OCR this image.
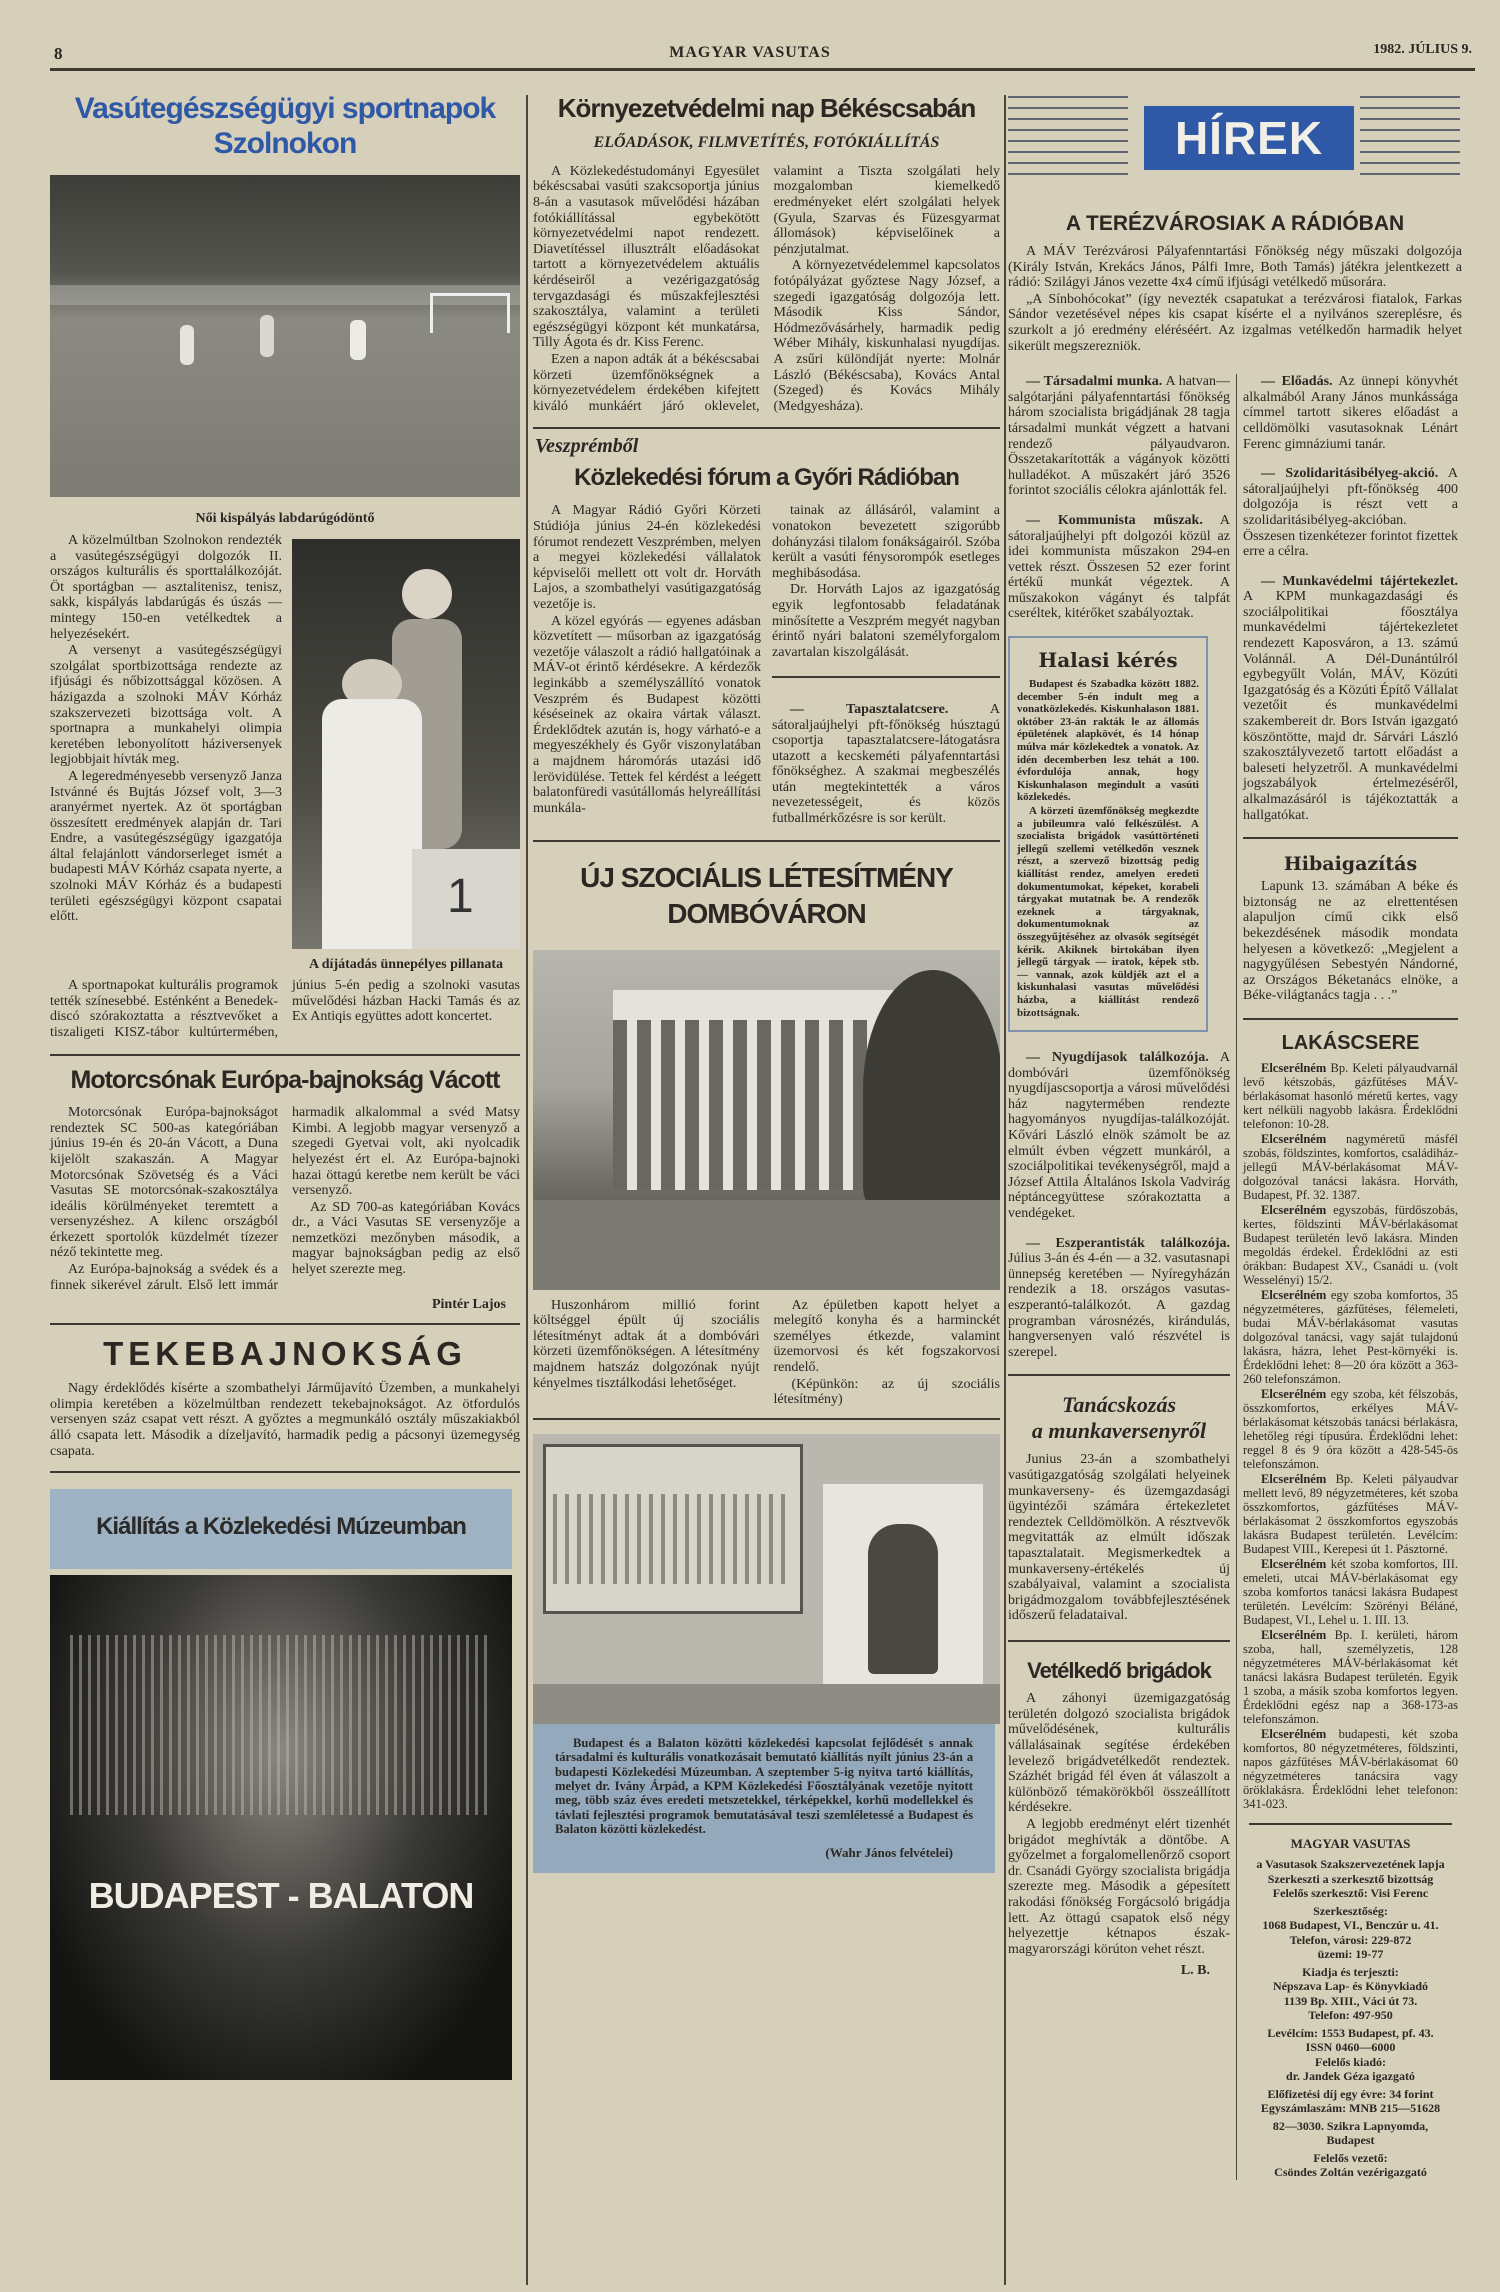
8	MAGYAR VASUTAS	1982. JÚLIUS 9.
Vasútegészségügyi sportnapok
Szolnokon
Női kispályás labdarúgódöntő

A közelmúltban Szolnokon rendezték a vasútegészségügyi dolgozók II. országos kulturális és sporttalálkozóját. Öt sportágban — asztalitenisz, tenisz, sakk, kispályás labdarúgás és úszás — mintegy 150-en vetélkedtek a helyezésekért.

A versenyt a vasútegészségügyi szolgálat sportbizottsága rendezte az ifjúsági és nőbizottsággal közösen. A házigazda a szolnoki MÁV Kórház szakszervezeti bizottsága volt. A sportnapra a munkahelyi olimpia keretében lebonyolított háziversenyek legjobbjait hívták meg.

A legeredményesebb versenyző Janza Istvánné és Bujtás József volt, 3—3 aranyérmet nyertek. Az öt sportágban összesített eredmények alapján dr. Tari Endre, a vasútegészségügy igazgatója által felajánlott vándorserleget ismét a budapesti MÁV Kórház csapata nyerte, a szolnoki MÁV Kórház és a budapesti területi egészségügyi központ csapatai előtt.	1
A díjátadás ünnepélyes pillanata

A sportnapokat kulturális programok tették színesebbé. Esténként a Benedek-discó szórakoztatta a résztvevőket a tiszaligeti KISZ-tábor kultúrtermében, június 5-én pedig a szolnoki vasutas művelődési házban Hacki Tamás és az Ex Antiqis együttes adott koncertet.

Motorcsónak Európa-bajnokság Vácott

Motorcsónak Európa-bajnokságot rendeztek SC 500-as kategóriában június 19-én és 20-án Vácott, a Duna kijelölt szakaszán. A Magyar Motorcsónak Szövetség és a Váci Vasutas SE motorcsónak-szakosztálya ideális körülményeket teremtett a versenyzéshez. A kilenc országból érkezett sportolók küzdelmét tízezer néző tekintette meg.

Az Európa-bajnokság a svédek és a finnek sikerével zárult. Első lett immár harmadik alkalommal a svéd Matsy Kimbi. A legjobb magyar versenyző a szegedi Gyetvai volt, aki nyolcadik helyezést ért el. Az Európa-bajnoki hazai öttagú keretbe nem került be váci versenyző.

Az SD 700-as kategóriában Kovács dr., a Váci Vasutas SE versenyzője a nemzetközi mezőnyben második, a magyar bajnokságban pedig az első helyet szerezte meg.

Pintér Lajos
TEKEBAJNOKSÁG

Nagy érdeklődés kísérte a szombathelyi Járműjavító Üzemben, a munkahelyi olimpia keretében a közelmúltban rendezett tekebajnokságot. Az ötfordulós versenyen száz csapat vett részt. A győztes a megmunkáló osztály műszakiakból álló csapata lett. Második a dízeljavító, harmadik pedig a pácsonyi üzemegység csapata.

Kiállítás a Közlekedési Múzeumban
BUDAPEST - BALATON
Környezetvédelmi nap Békéscsabán
ELŐADÁSOK, FILMVETÍTÉS, FOTÓKIÁLLÍTÁS

A Közlekedéstudományi Egyesület békéscsabai vasúti szakcsoportja június 8-án a vasutasok művelődési házában fotókiállítással egybekötött környezetvédelmi napot rendezett. Diavetítéssel illusztrált előadásokat tartott a környezetvédelem aktuális kérdéseiről a vezérigazgatóság tervgazdasági és műszakfejlesztési szakosztálya, valamint a területi egészségügyi központ két munkatársa, Tilly Ágota és dr. Kiss Ferenc.

Ezen a napon adták át a békéscsabai körzeti üzemfőnökségnek a környezetvédelem érdekében kifejtett kiváló munkáért járó oklevelet, valamint a Tiszta szolgálati hely mozgalomban kiemelkedő eredményeket elért szolgálati helyek (Gyula, Szarvas és Füzesgyarmat állomások) képviselőinek a pénzjutalmat.

A környezetvédelemmel kapcsolatos fotópályázat győztese Nagy József, a szegedi igazgatóság dolgozója lett. Második Kiss Sándor, Hódmezővásárhely, harmadik pedig Wéber Mihály, kiskunhalasi nyugdíjas. A zsűri különdíját nyerte: Molnár László (Békéscsaba), Kovács Antal (Szeged) és Kovács Mihály (Medgyesháza).

Veszprémből
Közlekedési fórum a Győri Rádióban

A Magyar Rádió Győri Körzeti Stúdiója június 24-én közlekedési fórumot rendezett Veszprémben, melyen a megyei közlekedési vállalatok képviselői mellett ott volt dr. Horváth Lajos, a szombathelyi vasútigazgatóság vezetője is.

A közel egyórás — egyenes adásban közvetített — műsorban az igazgatóság vezetője válaszolt a rádió hallgatóinak a MÁV-ot érintő kérdésekre. A kérdezők leginkább a személyszállító vonatok Veszprém és Budapest közötti késéseinek az okaira vártak választ. Érdeklődtek azután is, hogy várható-e a megyeszékhely és Győr viszonylatában a majdnem háromórás utazási idő lerövidülése. Tettek fel kérdést a leégett balatonfüredi vasútállomás helyreállítási munkála-

tainak az állásáról, valamint a vonatokon bevezetett szigorúbb dohányzási tilalom fonákságairól. Szóba került a vasúti fénysorompók esetleges meghibásodása.

Dr. Horváth Lajos az igazgatóság egyik legfontosabb feladatának minősítette a Veszprém megyét nagyban érintő nyári balatoni személyforgalom zavartalan kiszolgálását.

— Tapasztalatcsere.	A sátoraljaújhelyi pft-főnökség húsztagú csoportja tapasztalatcsere-látogatásra utazott a kecskeméti pályafenntartási főnökséghez. A szakmai megbeszélés után megtekintették a város nevezetességeit, és közös futballmérkőzésre is sor került.

ÚJ SZOCIÁLIS LÉTESÍTMÉNY
DOMBÓVÁRON

Huszonhárom millió forint költséggel épült új szociális létesítményt adtak át a dombóvári körzeti üzemfőnökségen. A létesítmény majdnem hatszáz dolgozónak nyújt kényelmes tisztálkodási lehetőséget.

Az épületben kapott helyet a melegítő konyha és a harminckét személyes étkezde, valamint üzemorvosi és két fogszakorvosi rendelő.

(Képünkön: az új szociális létesítmény)

Budapest és a Balaton közötti közlekedési kapcsolat fejlődését s annak társadalmi és kulturális vonatkozásait bemutató kiállítás nyílt június 23-án a budapesti Közlekedési Múzeumban. A szeptember 5-ig nyitva tartó kiállítás, melyet dr. Ivány Árpád, a KPM Közlekedési Főosztályának vezetője nyitott meg, több száz éves eredeti metszetekkel, térképekkel, korhű modellekkel és távlati fejlesztési programok bemutatásával teszi szemléletessé a Budapest és Balaton közötti közlekedést.

(Wahr János felvételei)
HÍREK
A TERÉZVÁROSIAK A RÁDIÓBAN

A MÁV Terézvárosi Pályafenntartási Főnökség négy műszaki dolgozója (Király István, Krekács János, Pálfi Imre, Both Tamás) játékra jelentkezett a rádió: Szilágyi János vezette 4x4 című ifjúsági vetélkedő műsorára.

„A Sínbohócokat” (így nevezték csapatukat a terézvárosi fiatalok, Farkas Sándor vezetésével népes kis csapat kísérte el a nyilvános szereplésre, és szurkolt a jó eredmény eléréséért. Az izgalmas vetélkedőn harmadik helyet sikerült megszerezniök.

— Társadalmi munka. A hatvan—salgótarjáni pályafenntartási főnökség három szocialista brigádjának 28 tagja társadalmi munkát végzett a hatvani rendező pályaudvaron. Összetakarították a vágányok közötti hulladékot. A műszakért járó 3526 forintot szociális célokra ajánlották fel.

— Kommunista műszak. A sátoraljaújhelyi pft dolgozói közül az idei kommunista műszakon 294-en vettek részt. Összesen 52 ezer forint értékű munkát végeztek. A műszakokon vágányt és talpfát cseréltek, kitérőket szabályoztak.

Halasi kérés

Budapest és Szabadka között 1882. december 5-én indult meg a vonatközlekedés. Kiskunhalason 1881. október 23-án rakták le az állomás épületének alapkövét, és 14 hónap múlva már közlekedtek a vonatok. Az idén decemberben lesz tehát a 100. évfordulója annak, hogy Kiskunhalason megindult a vasúti közlekedés.

A körzeti üzemfőnökség megkezdte a jubileumra való felkészülést. A szocialista brigádok vasúttörténeti jellegű szellemi vetélkedőn vesznek részt, a szervező bizottság pedig kiállítást rendez, amelyen eredeti dokumentumokat, képeket, korabeli tárgyakat mutatnak be. A rendezők ezeknek a tárgyaknak, dokumentumoknak az összegyűjtéséhez az olvasók segítségét kérik. Akiknek birtokában ilyen jellegű tárgyak — iratok, képek stb. — vannak, azok küldjék azt el a kiskunhalasi vasutas művelődési házba, a kiállítást rendező bizottságnak.

— Nyugdíjasok találkozója. A dombóvári üzemfőnökség nyugdíjascsoportja a városi művelődési ház nagytermében rendezte hagyományos nyugdíjas-találkozóját. Kővári László elnök számolt be az elmúlt évben végzett munkáról, a szociálpolitikai tevékenységről, majd a József Attila Általános Iskola Vadvirág néptáncegyüttese szórakoztatta a vendégeket.

— Eszperantisták találkozója. Július 3-án és 4-én — a 32. vasutasnapi ünnepség keretében — Nyíregyházán rendezik a 18. országos vasutas-eszperantó-találkozót. A gazdag programban városnézés, kirándulás, hangversenyen való részvétel is szerepel.

Tanácskozás
a munkaversenyről

Junius 23-án a szombathelyi vasútigazgatóság szolgálati helyeinek munkaverseny- és üzemgazdasági ügyintézői számára értekezletet rendeztek Celldömölkön. A résztvevők megvitatták az elmúlt időszak tapasztalatait. Megismerkedtek a munkaverseny-értékelés új szabályaival, valamint a szocialista brigádmozgalom továbbfejlesztésének időszerű feladataival.

Vetélkedő brigádok

A záhonyi üzemigazgatóság területén dolgozó szocialista brigádok művelődésének, kulturális vállalásainak segítése érdekében levelező brigádvetélkedőt rendeztek. Százhét brigád fél éven át válaszolt a különböző témakörökből összeállított kérdésekre.

A legjobb eredményt elért tizenhét brigádot meghívták a döntőbe. A győzelmet a forgalomellenőrző csoport dr. Csanádi György szocialista brigádja szerezte meg. Második a gépesített rakodási főnökség Forgácsoló brigádja lett. Az öttagú csapatok első négy helyezettje kétnapos észak-magyarországi körúton vehet részt.

L. B.

— Előadás. Az ünnepi könyvhét alkalmából Arany János munkássága címmel tartott sikeres előadást a celldömölki vasutasoknak Lénárt Ferenc gimnáziumi tanár.

— Szolidaritásibélyeg-akció. A sátoraljaújhelyi pft-főnökség 400 dolgozója is részt vett a szolidaritásibélyeg-akcióban. Összesen tizenkétezer forintot fizettek erre a célra.

— Munkavédelmi tájértekezlet. A KPM munkagazdasági és szociálpolitikai főosztálya munkavédelmi tájértekezletet rendezett Kaposváron, a 13. számú Volánnál. A Dél-Dunántúlról egybegyűlt Volán, MÁV, Közúti Igazgatóság és a Közúti Építő Vállalat vezetőit és munkavédelmi szakembereit dr. Bors István igazgató köszöntötte, majd dr. Sárvári László szakosztályvezető tartott előadást a baleseti helyzetről. A munkavédelmi jogszabályok értelmezéséről, alkalmazásáról is tájékoztatták a hallgatókat.

Hibaigazítás

Lapunk 13. számában A béke és biztonság ne az elrettentésen alapuljon című cikk első bekezdésének második mondata helyesen a következő: „Megjelent a nagygyűlésen Sebestyén Nándorné, az Országos Béketanács elnöke, a Béke-világtanács tagja . . .”

LAKÁSCSERE

Elcserélném Bp. Keleti pályaudvarnál levő kétszobás, gázfűtéses MÁV-bérlakásomat hasonló méretű kertes, vagy kert nélküli nagyobb lakásra. Érdeklődni telefonon: 10-28.

Elcserélném nagyméretű másfél szobás, földszintes, komfortos, családiház-jellegű MÁV-bérlakásomat MÁV-dolgozóval tanácsi lakásra. Horváth, Budapest, Pf. 32. 1387.

Elcserélném egyszobás, fürdőszobás, kertes, földszinti MÁV-bérlakásomat Budapest területén levő lakásra. Minden megoldás érdekel. Érdeklődni az esti órákban: Budapest XV., Csanádi u. (volt Wesselényi) 15/2.

Elcserélném egy szoba komfortos, 35 négyzetméteres, gázfűtéses, félemeleti, budai MÁV-bérlakásomat vasutas dolgozóval tanácsi, vagy saját tulajdonú lakásra, házra, lehet Pest-környéki is. Érdeklődni lehet: 8—20 óra között a 363-260 telefonszámon.

Elcserélném egy szoba, két félszobás, összkomfortos, erkélyes MÁV-bérlakásomat kétszobás tanácsi bérlakásra, lehetőleg régi típusúra. Érdeklődni lehet: reggel 8 és 9 óra között a 428-545-ös telefonszámon.

Elcserélném Bp. Keleti pályaudvar mellett levő, 89 négyzetméteres, két szoba összkomfortos, gázfűtéses MÁV-bérlakásomat 2 összkomfortos egyszobás lakásra Budapest területén. Levélcím: Budapest VIII., Kerepesi út 1. Pásztorné.

Elcserélném két szoba komfortos, III. emeleti, utcai MÁV-bérlakásomat egy szoba komfortos tanácsi lakásra Budapest területén. Levélcím: Szörényi Béláné, Budapest, VI., Lehel u. 1. III. 13.

Elcserélném Bp. I. kerületi, három szoba, hall, személyzetis, 128 négyzetméteres MÁV-bérlakásomat két tanácsi lakásra Budapest területén. Egyik 1 szoba, a másik szoba komfortos legyen. Érdeklődni egész nap a 368-173-as telefonszámon.

Elcserélném budapesti, két szoba komfortos, 80 négyzetméteres, földszinti, napos gázfűtéses MÁV-bérlakásomat 60 négyzetméteres tanácsira vagy öröklakásra. Érdeklődni lehet telefonon: 341-023.

MAGYAR VASUTAS
a Vasutasok Szakszervezetének lapja
Szerkeszti a szerkesztő bizottság
Felelős szerkesztő: Visi Ferenc
Szerkesztőség:
1068 Budapest, VI., Benczúr u. 41.
Telefon, városi: 229-872
üzemi: 19-77
Kiadja és terjeszti:
Népszava Lap- és Könyvkiadó
1139 Bp. XIII., Váci út 73.
Telefon: 497-950
Levélcím: 1553 Budapest, pf. 43.
ISSN 0460—6000
Felelős kiadó:
dr. Jandek Géza igazgató
Előfizetési díj egy évre: 34 forint
Egyszámlaszám: MNB 215—51628
82—3030. Szikra Lapnyomda,
Budapest
Felelős vezető:
Csöndes Zoltán vezérigazgató
